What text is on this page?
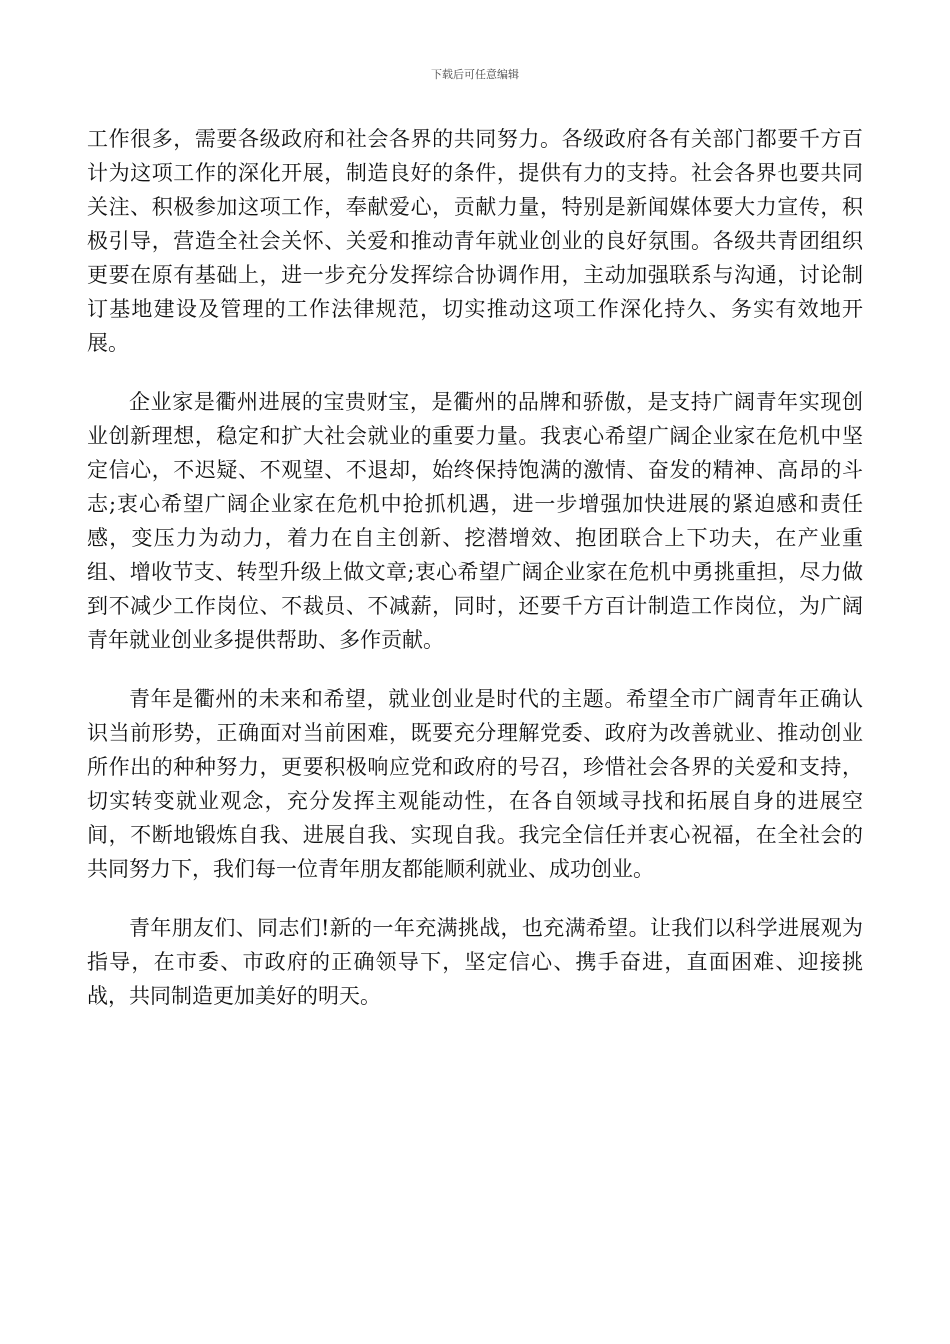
下载后可任意编辑

工作很多，需要各级政府和社会各界的共同努力。各级政府各有关部门都要千方百计为这项工作的深化开展，制造良好的条件，提供有力的支持。社会各界也要共同关注、积极参加这项工作，奉献爱心，贡献力量，特别是新闻媒体要大力宣传，积极引导，营造全社会关怀、关爱和推动青年就业创业的良好氛围。各级共青团组织更要在原有基础上，进一步充分发挥综合协调作用，主动加强联系与沟通，讨论制订基地建设及管理的工作法律规范，切实推动这项工作深化持久、务实有效地开展。

企业家是衢州进展的宝贵财宝，是衢州的品牌和骄傲，是支持广阔青年实现创业创新理想，稳定和扩大社会就业的重要力量。我衷心希望广阔企业家在危机中坚定信心，不迟疑、不观望、不退却，始终保持饱满的激情、奋发的精神、高昂的斗志;衷心希望广阔企业家在危机中抢抓机遇，进一步增强加快进展的紧迫感和责任感，变压力为动力，着力在自主创新、挖潜增效、抱团联合上下功夫，在产业重组、增收节支、转型升级上做文章;衷心希望广阔企业家在危机中勇挑重担，尽力做到不减少工作岗位、不裁员、不减薪，同时，还要千方百计制造工作岗位，为广阔青年就业创业多提供帮助、多作贡献。

青年是衢州的未来和希望，就业创业是时代的主题。希望全市广阔青年正确认识当前形势，正确面对当前困难，既要充分理解党委、政府为改善就业、推动创业所作出的种种努力，更要积极响应党和政府的号召，珍惜社会各界的关爱和支持，切实转变就业观念，充分发挥主观能动性，在各自领域寻找和拓展自身的进展空间，不断地锻炼自我、进展自我、实现自我。我完全信任并衷心祝福，在全社会的共同努力下，我们每一位青年朋友都能顺利就业、成功创业。

青年朋友们、同志们!新的一年充满挑战，也充满希望。让我们以科学进展观为指导，在市委、市政府的正确领导下，坚定信心、携手奋进，直面困难、迎接挑战，共同制造更加美好的明天。
